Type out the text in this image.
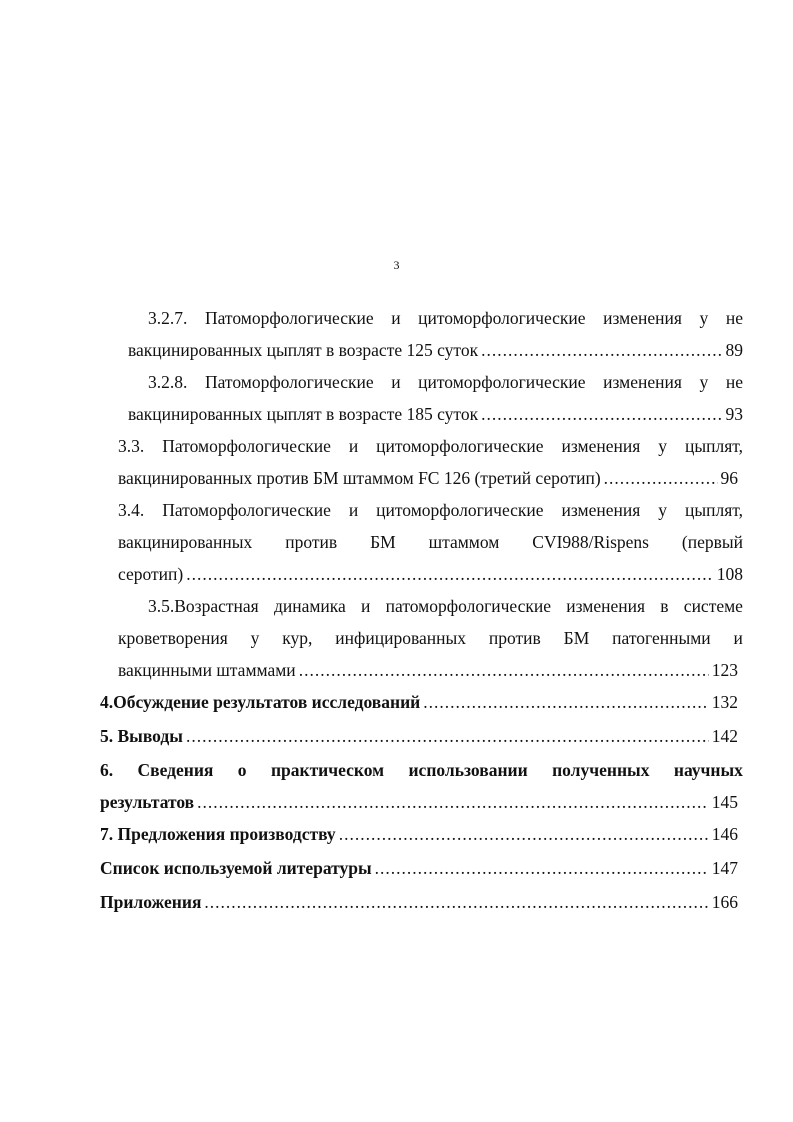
3
3.2.7. Патоморфологические и цитоморфологические изменения у не
вакцинированных цыплят в возрасте 125 суток .....	89
3.2.8. Патоморфологические и цитоморфологические изменения у не
вакцинированных цыплят в возрасте 185 суток .....	93
3.3. Патоморфологические и цитоморфологические изменения у цыплят,
вакцинированных против БМ штаммом FC 126 (третий серотип) .....	96
3.4. Патоморфологические и цитоморфологические изменения у цыплят,
вакцинированных против БМ штаммом CVI988/Rispens (первый
серотип) .....	108
3.5.Возрастная динамика и патоморфологические изменения в системе
кроветворения у кур, инфицированных против БМ патогенными и
вакцинными штаммами .....	123
4.Обсуждение результатов исследований .....	132
5. Выводы .....	142
6. Сведения о практическом использовании полученных научных
результатов .....	145
7. Предложения производству .....	146
Список используемой литературы .....	147
Приложения .....	166
